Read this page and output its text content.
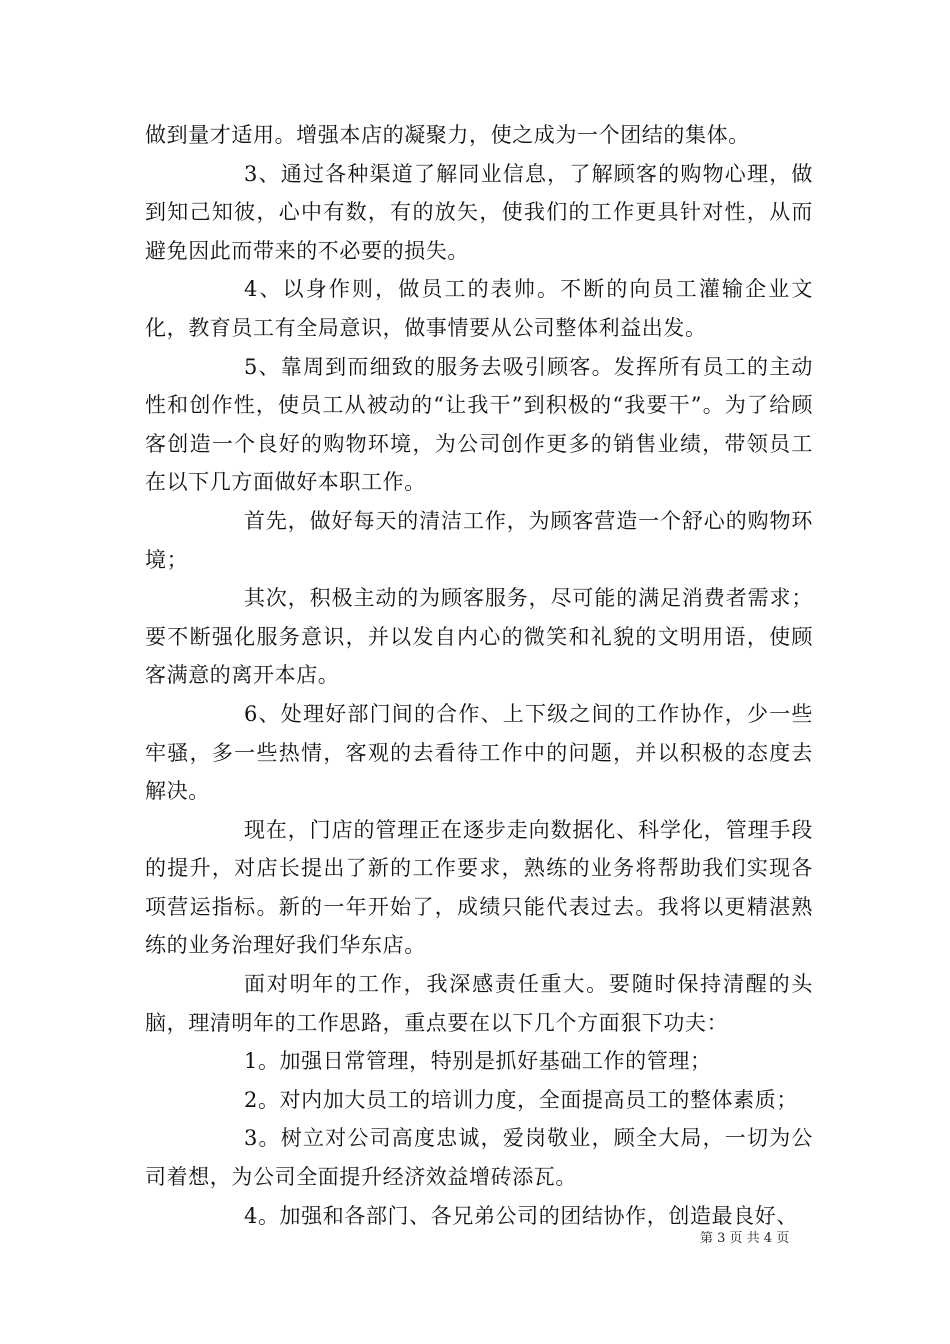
做到量才适用。增强本店的凝聚力，使之成为一个团结的集体。

3、通过各种渠道了解同业信息，了解顾客的购物心理，做到知己知彼，心中有数，有的放矢，使我们的工作更具针对性，从而避免因此而带来的不必要的损失。

4、以身作则，做员工的表帅。不断的向员工灌输企业文化，教育员工有全局意识，做事情要从公司整体利益出发。

5、靠周到而细致的服务去吸引顾客。发挥所有员工的主动性和创作性，使员工从被动的“让我干”到积极的“我要干”。为了给顾客创造一个良好的购物环境，为公司创作更多的销售业绩，带领员工在以下几方面做好本职工作。

首先，做好每天的清洁工作，为顾客营造一个舒心的购物环境；

其次，积极主动的为顾客服务，尽可能的满足消费者需求；要不断强化服务意识，并以发自内心的微笑和礼貌的文明用语，使顾客满意的离开本店。

6、处理好部门间的合作、上下级之间的工作协作，少一些牢骚，多一些热情，客观的去看待工作中的问题，并以积极的态度去解决。

现在，门店的管理正在逐步走向数据化、科学化，管理手段的提升，对店长提出了新的工作要求，熟练的业务将帮助我们实现各项营运指标。新的一年开始了，成绩只能代表过去。我将以更精湛熟练的业务治理好我们华东店。

面对明年的工作，我深感责任重大。要随时保持清醒的头脑，理清明年的工作思路，重点要在以下几个方面狠下功夫：

1。加强日常管理，特别是抓好基础工作的管理；

2。对内加大员工的培训力度，全面提高员工的整体素质；

3。树立对公司高度忠诚，爱岗敬业，顾全大局，一切为公司着想，为公司全面提升经济效益增砖添瓦。

4。加强和各部门、各兄弟公司的团结协作，创造最良好、

第 3 页 共 4 页
